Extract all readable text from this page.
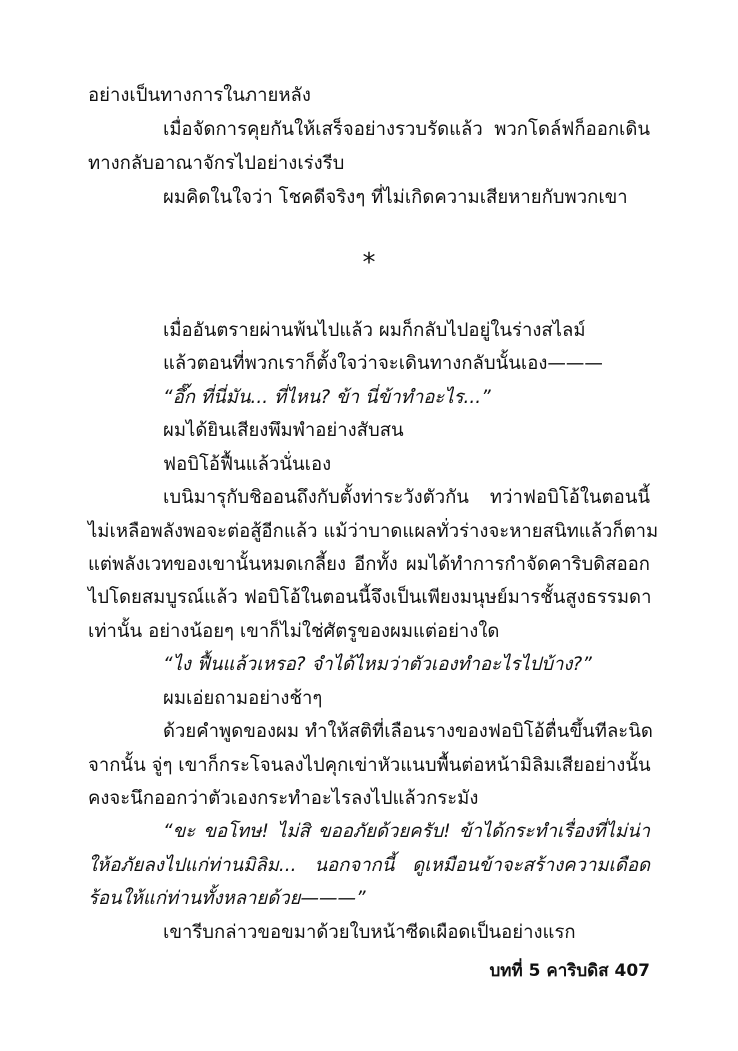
อย่างเป็นทางการในภายหลัง
เมื่อจัดการคุยกันให้เสร็จอย่างรวบรัดแล้ว พวกโดล์ฟก็ออกเดิน
ทางกลับอาณาจักรไปอย่างเร่งรีบ
ผมคิดในใจว่า โชคดีจริงๆ ที่ไม่เกิดความเสียหายกับพวกเขา
*
เมื่ออันตรายผ่านพ้นไปแล้ว ผมก็กลับไปอยู่ในร่างสไลม์
แล้วตอนที่พวกเราก็ตั้งใจว่าจะเดินทางกลับนั้นเอง———
“อึ๊ก ที่นี่มัน... ที่ไหน? ข้า นี่ข้าทำอะไร...”
ผมได้ยินเสียงพึมพำอย่างสับสน
ฟอบิโอ้ฟื้นแล้วนั่นเอง
เบนิมารุกับชิออนถึงกับตั้งท่าระวังตัวกัน ทว่าฟอบิโอ้ในตอนนี้
ไม่เหลือพลังพอจะต่อสู้อีกแล้ว แม้ว่าบาดแผลทั่วร่างจะหายสนิทแล้วก็ตาม
แต่พลังเวทของเขานั้นหมดเกลี้ยง อีกทั้ง ผมได้ทำการกำจัดคาริบดิสออก
ไปโดยสมบูรณ์แล้ว ฟอบิโอ้ในตอนนี้จึงเป็นเพียงมนุษย์มารชั้นสูงธรรมดา
เท่านั้น อย่างน้อยๆ เขาก็ไม่ใช่ศัตรูของผมแต่อย่างใด
“ไง ฟื้นแล้วเหรอ? จำได้ไหมว่าตัวเองทำอะไรไปบ้าง?”
ผมเอ่ยถามอย่างช้าๆ
ด้วยคำพูดของผม ทำให้สติที่เลือนรางของฟอบิโอ้ตื่นขึ้นทีละนิด
จากนั้น จู่ๆ เขาก็กระโจนลงไปคุกเข่าหัวแนบพื้นต่อหน้ามิลิมเสียอย่างนั้น
คงจะนึกออกว่าตัวเองกระทำอะไรลงไปแล้วกระมัง
“ขะ ขอโทษ! ไม่สิ ขออภัยด้วยครับ! ข้าได้กระทำเรื่องที่ไม่น่า
ให้อภัยลงไปแก่ท่านมิลิม... นอกจากนี้ ดูเหมือนข้าจะสร้างความเดือด
ร้อนให้แก่ท่านทั้งหลายด้วย———”
เขารีบกล่าวขอขมาด้วยใบหน้าซีดเผือดเป็นอย่างแรก
บทที่ 5 คาริบดิส 407
